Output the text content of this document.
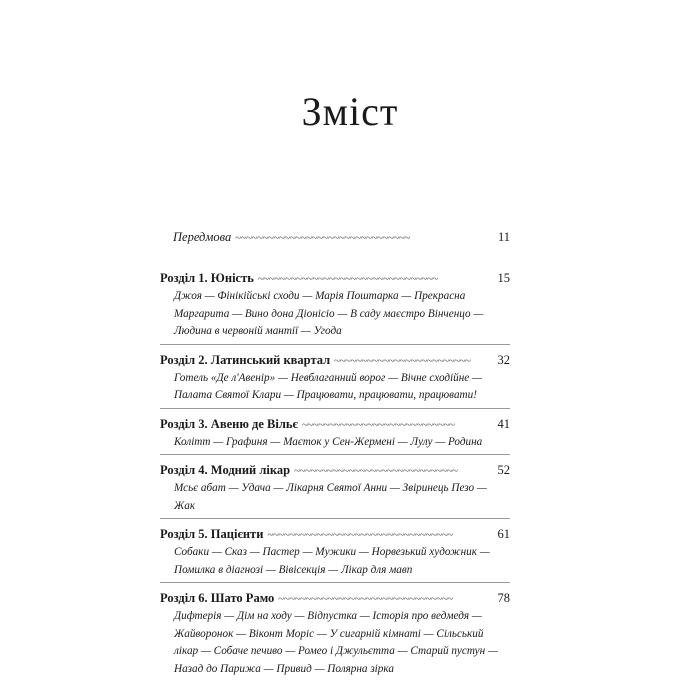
Зміст
Передмова ~~~~~~~~~~~~~~~~~~~~~~~~~~~~~~~~	11
Розділ 1. Юність ~~~~~~~~~~~~~~~~~~~~~~~~~~~~~~~~~	15
Джоя — Фінікійські сходи — Марія Поштарка — Прекрасна
Маргарита — Вино дона Діонісіо — В саду маєстро Вінченцо —
Людина в червоній мантії — Угода
Розділ 2. Латинський квартал ~~~~~~~~~~~~~~~~~~~~~~~~~ 32
Готель «Де л'Авенір» — Невблаганний ворог — Вічне сходійне —
Палата Святої Клари — Працювати, працювати, працювати!
Розділ 3. Авеню де Вільє ~~~~~~~~~~~~~~~~~~~~~~~~~~~~	41
Колітт — Графиня — Маєток у Сен-Жермені — Лулу — Родина
Розділ 4. Модний лікар ~~~~~~~~~~~~~~~~~~~~~~~~~~~~~~	52
Мсьє абат — Удача — Лікарня Святої Анни — Звіринець Пезо —
Жак
Розділ 5. Пацієнти ~~~~~~~~~~~~~~~~~~~~~~~~~~~~~~~~~~	61
Собаки — Сказ — Пастер — Мужики — Норвезький художник —
Помилка в діагнозі — Вівісекція — Лікар для мавп
Розділ 6. Шато Рамо ~~~~~~~~~~~~~~~~~~~~~~~~~~~~~~~~	78
Дифтерія — Дім на ходу — Відпустка — Історія про ведмедя —
Жайворонок — Віконт Моріс — У сигарній кімнаті — Сільський
лікар — Собаче печиво — Ромео і Джульєтта — Старий пустун —
Назад до Парижа — Привид — Полярна зірка
